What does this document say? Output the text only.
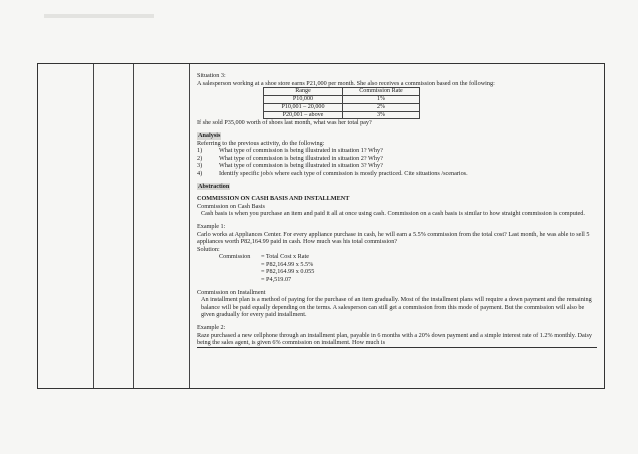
Situation 3:

A salesperson working at a shoe store earns P21,000 per month. She also receives a commission based on the following:

Range	Commission Rate
P10,000	1%
P10,001 – 20,000	2%
P20,001 – above	3%

If she sold P35,000 worth of shoes last month, what was her total pay?

Analysis

Referring to the previous activity, do the following:

1)	What type of commission is being illustrated in situation 1? Why?
2)	What type of commission is being illustrated in situation 2? Why?
3)	What type of commission is being illustrated in situation 3? Why?
4)	Identify specific job/s where each type of commission is mostly practiced. Cite situations /scenarios.

Abstraction

COMMISSION ON CASH BASIS AND INSTALLMENT

Commission on Cash Basis

Cash basis is when you purchase an item and paid it all at once using cash. Commission on a cash basis is similar to how straight commission is computed.

Example 1:

Carlo works at Appliances Center. For every appliance purchase in cash, he will earn a 5.5% commission from the total cost? Last month, he was able to sell 5 appliances worth P82,164.99 paid in cash. How much was his total commission?

Solution:

Commission	= Total Cost x Rate
= P82,164.99 x 5.5%
= P82,164.99 x 0.055
= P4,519.07

Commission on Installment

An installment plan is a method of paying for the purchase of an item gradually. Most of the installment plans will require a down payment and the remaining balance will be paid equally depending on the terms. A salesperson can still get a commission from this mode of payment. But the commission will also be given gradually for every paid installment.

Example 2:

Raze purchased a new cellphone through an installment plan, payable in 6 months with a 20% down payment and a simple interest rate of 1.2% monthly. Daisy being the sales agent, is given 6% commission on installment. How much is
